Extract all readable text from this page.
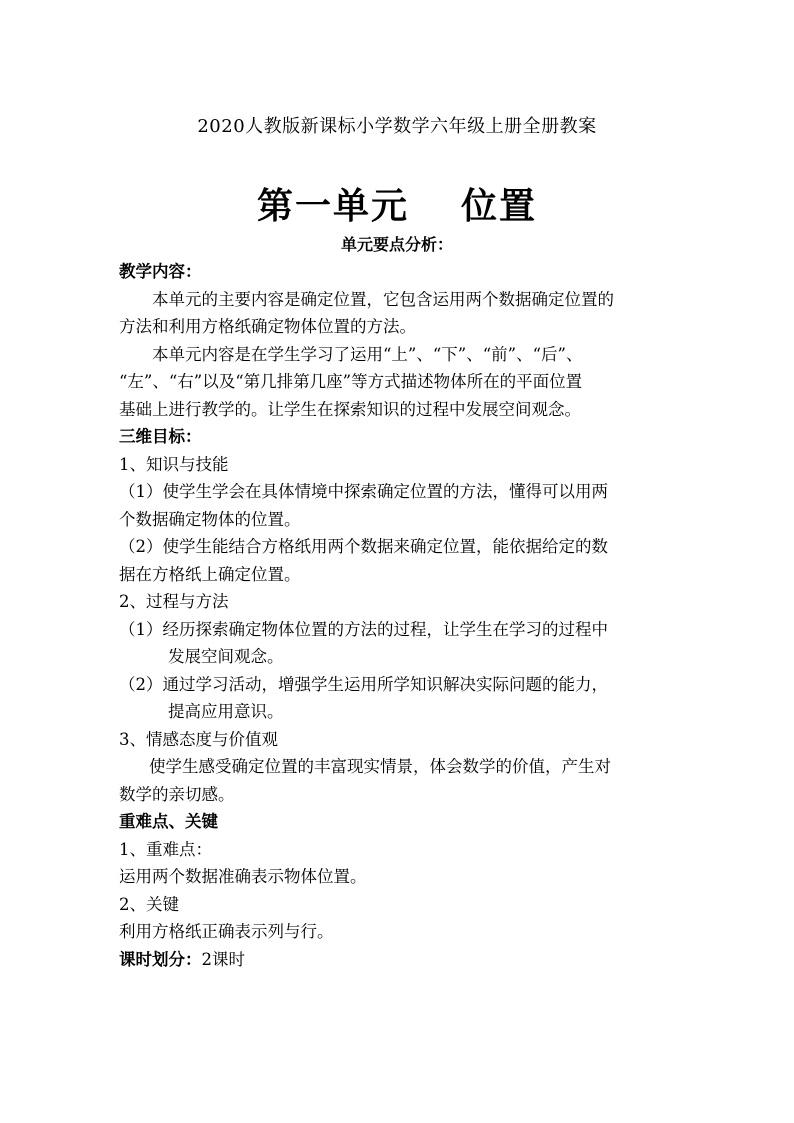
2020人教版新课标小学数学六年级上册全册教案
第一单元 位置
单元要点分析：
教学内容：
本单元的主要内容是确定位置，它包含运用两个数据确定位置的
方法和利用方格纸确定物体位置的方法。
本单元内容是在学生学习了运用“上”、“下”、“前”、“后”、
“左”、“右”以及“第几排第几座”等方式描述物体所在的平面位置
基础上进行教学的。让学生在探索知识的过程中发展空间观念。
三维目标：
1、知识与技能
（1）使学生学会在具体情境中探索确定位置的方法，懂得可以用两
个数据确定物体的位置。
（2）使学生能结合方格纸用两个数据来确定位置，能依据给定的数
据在方格纸上确定位置。
2、过程与方法
（1）经历探索确定物体位置的方法的过程，让学生在学习的过程中
发展空间观念。
（2）通过学习活动，增强学生运用所学知识解决实际问题的能力，
提高应用意识。
3、情感态度与价值观
使学生感受确定位置的丰富现实情景，体会数学的价值，产生对
数学的亲切感。
重难点、关键
1、重难点：
运用两个数据准确表示物体位置。
2、关键
利用方格纸正确表示列与行。
课时划分：2课时
